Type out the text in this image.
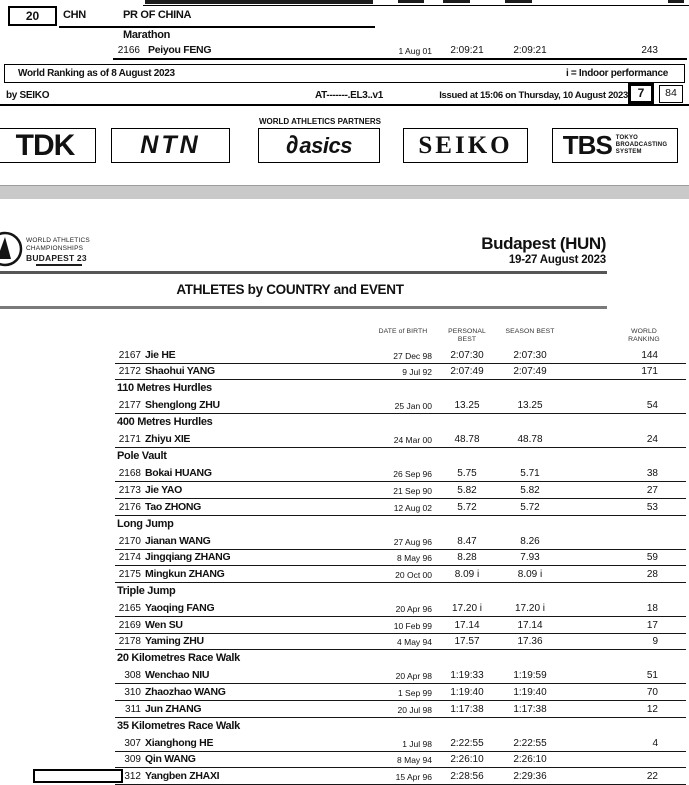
20	CHN	PR OF CHINA
Marathon
2166 Peiyou FENG	1 Aug 01	2:09:21	2:09:21	243
World Ranking as of 8 August 2023	i = Indoor performance
by SEIKO	AT-------.EL3..v1	Issued at 15:06 on Thursday, 10 August 2023 7	84
WORLD ATHLETICS PARTNERS
TDK	NTN	∂ asics	SEIKO TBS TOKYO
BROADCASTING
SYSTEM
WORLD ATHLETICS
CHAMPIONSHIPS
BUDAPEST 23
Budapest (HUN)
19-27 August 2023
ATHLETES by COUNTRY and EVENT
DATE of BIRTH	PERSONAL
BEST
SEASON BEST	WORLD
RANKING
2167 Jie HE	27 Dec 98	2:07:30	2:07:30	144
2172 Shaohui YANG	9 Jul 92	2:07:49	2:07:49	171
110 Metres Hurdles
2177 Shenglong ZHU	25 Jan 00	13.25	13.25	54
400 Metres Hurdles
2171 Zhiyu XIE	24 Mar 00	48.78	48.78	24
Pole Vault
2168 Bokai HUANG	26 Sep 96	5.75	5.71	38
2173 Jie YAO	21 Sep 90	5.82	5.82	27
2176 Tao ZHONG	12 Aug 02	5.72	5.72	53
Long Jump
2170 Jianan WANG	27 Aug 96	8.47	8.26
2174 Jingqiang ZHANG	8 May 96	8.28	7.93	59
2175 Mingkun ZHANG	20 Oct 00	8.09 i	8.09 i	28
Triple Jump
2165 Yaoqing FANG	20 Apr 96	17.20 i	17.20 i	18
2169 Wen SU	10 Feb 99	17.14	17.14	17
2178 Yaming ZHU	4 May 94	17.57	17.36	9
20 Kilometres Race Walk
308 Wenchao NIU	20 Apr 98	1:19:33	1:19:59	51
310 Zhaozhao WANG	1 Sep 99	1:19:40	1:19:40	70
311 Jun ZHANG	20 Jul 98	1:17:38	1:17:38	12
35 Kilometres Race Walk
307 Xianghong HE	1 Jul 98	2:22:55	2:22:55	4
309 Qin WANG	8 May 94	2:26:10	2:26:10
312 Yangben ZHAXI	15 Apr 96	2:28:56	2:29:36	22
